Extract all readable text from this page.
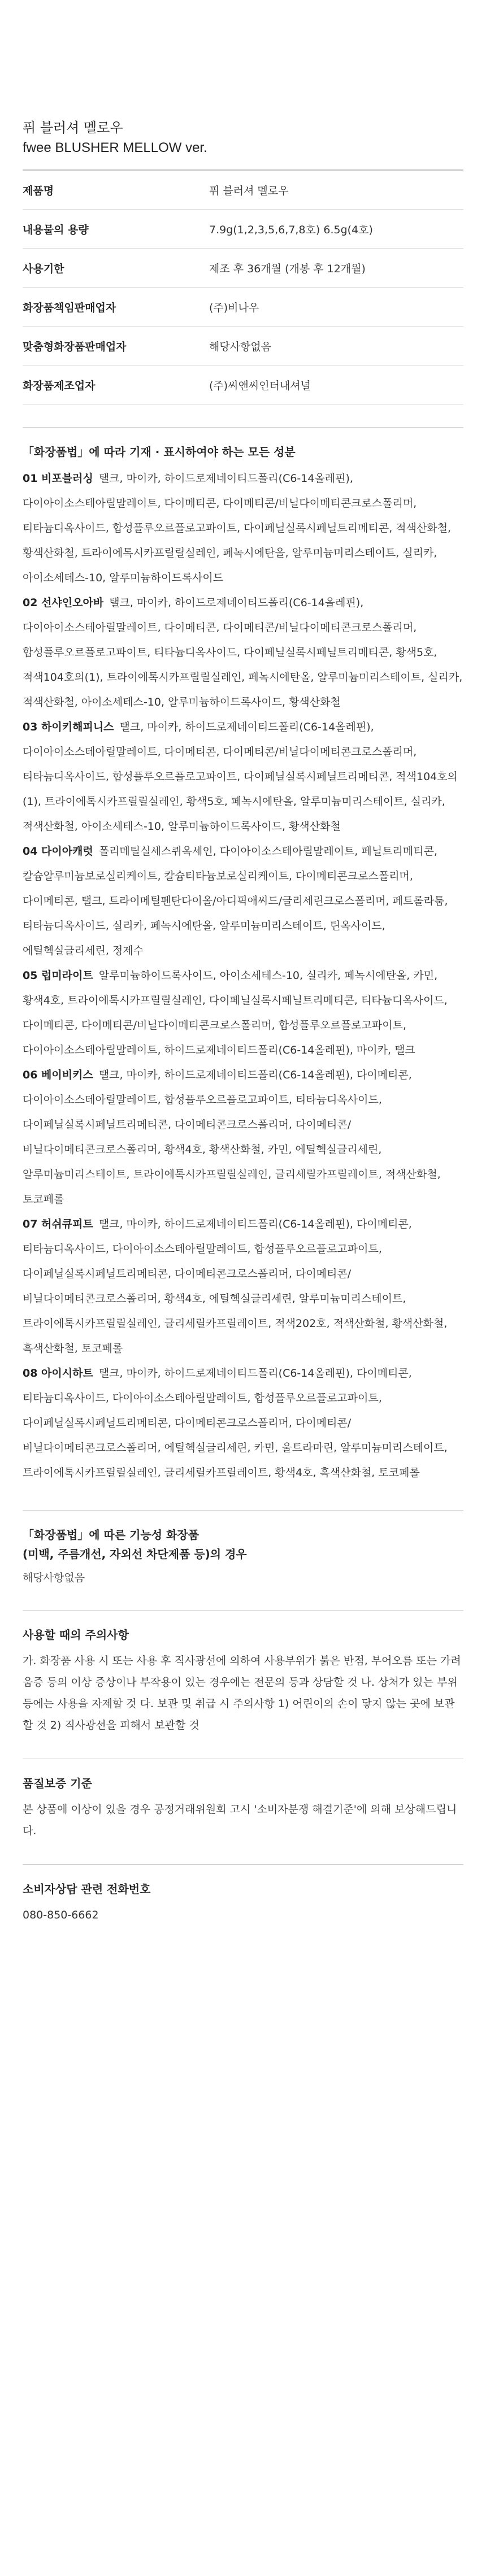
퓌 블러셔 멜로우

fwee BLUSHER MELLOW ver.

제품명	퓌 블러셔 멜로우
내용물의 용량	7.9g(1,2,3,5,6,7,8호) 6.5g(4호)
사용기한	제조 후 36개월 (개봉 후 12개월)
화장품책임판매업자	(주)비나우
맞춤형화장품판매업자	해당사항없음
화장품제조업자	(주)씨앤씨인터내셔널

「화장품법」에 따라 기재 · 표시하여야 하는 모든 성분

01 비포블러싱 탤크, 마이카, 하이드로제네이티드폴리(C6-14올레핀), 다이아이소스테아릴말레이트, 다이메티콘, 다이메티콘/비닐다이메티콘크로스폴리머, 티타늄디옥사이드, 합성플루오르플로고파이트, 다이페닐실록시페닐트리메티콘, 적색산화철, 황색산화철, 트라이에톡시카프릴릴실레인, 페녹시에탄올, 알루미늄미리스테이트, 실리카, 아이소세테스-10, 알루미늄하이드록사이드

02 선샤인오아바 탤크, 마이카, 하이드로제네이티드폴리(C6-14올레핀), 다이아이소스테아릴말레이트, 다이메티콘, 다이메티콘/비닐다이메티콘크로스폴리머, 합성플루오르플로고파이트, 티타늄디옥사이드, 다이페닐실록시페닐트리메티콘, 황색5호, 적색104호의(1), 트라이에톡시카프릴릴실레인, 페녹시에탄올, 알루미늄미리스테이트, 실리카, 적색산화철, 아이소세테스-10, 알루미늄하이드록사이드, 황색산화철

03 하이키해피니스 탤크, 마이카, 하이드로제네이티드폴리(C6-14올레핀), 다이아이소스테아릴말레이트, 다이메티콘, 다이메티콘/비닐다이메티콘크로스폴리머, 티타늄디옥사이드, 합성플루오르플로고파이트, 다이페닐실록시페닐트리메티콘, 적색104호의(1), 트라이에톡시카프릴릴실레인, 황색5호, 페녹시에탄올, 알루미늄미리스테이트, 실리카, 적색산화철, 아이소세테스-10, 알루미늄하이드록사이드, 황색산화철

04 다이아캐럿 폴리메틸실세스퀴옥세인, 다이아이소스테아릴말레이트, 페닐트리메티콘, 칼슘알루미늄보로실리케이트, 칼슘티타늄보로실리케이트, 다이메티콘크로스폴리머, 다이메티콘, 탤크, 트라이메틸펜탄다이올/아디픽애씨드/글리세린크로스폴리머, 페트롤라툼, 티타늄디옥사이드, 실리카, 페녹시에탄올, 알루미늄미리스테이트, 틴옥사이드, 에틸헥실글리세린, 정제수

05 럽미라이트 알루미늄하이드록사이드, 아이소세테스-10, 실리카, 페녹시에탄올, 카민, 황색4호, 트라이에톡시카프릴릴실레인, 다이페닐실록시페닐트리메티콘, 티타늄디옥사이드, 다이메티콘, 다이메티콘/비닐다이메티콘크로스폴리머, 합성플루오르플로고파이트, 다이아이소스테아릴말레이트, 하이드로제네이티드폴리(C6-14올레핀), 마이카, 탤크

06 베이비키스 탤크, 마이카, 하이드로제네이티드폴리(C6-14올레핀), 다이메티콘, 다이아이소스테아릴말레이트, 합성플루오르플로고파이트, 티타늄디옥사이드, 다이페닐실록시페닐트리메티콘, 다이메티콘크로스폴리머, 다이메티콘/비닐다이메티콘크로스폴리머, 황색4호, 황색산화철, 카민, 에틸헥실글리세린, 알루미늄미리스테이트, 트라이에톡시카프릴릴실레인, 글리세릴카프릴레이트, 적색산화철, 토코페롤

07 허쉬큐피트 탤크, 마이카, 하이드로제네이티드폴리(C6-14올레핀), 다이메티콘, 티타늄디옥사이드, 다이아이소스테아릴말레이트, 합성플루오르플로고파이트, 다이페닐실록시페닐트리메티콘, 다이메티콘크로스폴리머, 다이메티콘/비닐다이메티콘크로스폴리머, 황색4호, 에틸헥실글리세린, 알루미늄미리스테이트, 트라이에톡시카프릴릴실레인, 글리세릴카프릴레이트, 적색202호, 적색산화철, 황색산화철, 흑색산화철, 토코페롤

08 아이시하트 탤크, 마이카, 하이드로제네이티드폴리(C6-14올레핀), 다이메티콘, 티타늄디옥사이드, 다이아이소스테아릴말레이트, 합성플루오르플로고파이트, 다이페닐실록시페닐트리메티콘, 다이메티콘크로스폴리머, 다이메티콘/비닐다이메티콘크로스폴리머, 에틸헥실글리세린, 카민, 울트라마린, 알루미늄미리스테이트, 트라이에톡시카프릴릴실레인, 글리세릴카프릴레이트, 황색4호, 흑색산화철, 토코페롤

「화장품법」에 따른 기능성 화장품
(미백, 주름개선, 자외선 차단제품 등)의 경우

해당사항없음

사용할 때의 주의사항

가. 화장품 사용 시 또는 사용 후 직사광선에 의하여 사용부위가 붉은 반점, 부어오름 또는 가려움증 등의 이상 증상이나 부작용이 있는 경우에는 전문의 등과 상담할 것 나. 상처가 있는 부위 등에는 사용을 자제할 것 다. 보관 및 취급 시 주의사항 1) 어린이의 손이 닿지 않는 곳에 보관할 것 2) 직사광선을 피해서 보관할 것

품질보증 기준

본 상품에 이상이 있을 경우 공정거래위원회 고시 '소비자분쟁 해결기준'에 의해 보상해드립니다.

소비자상담 관련 전화번호

080-850-6662
